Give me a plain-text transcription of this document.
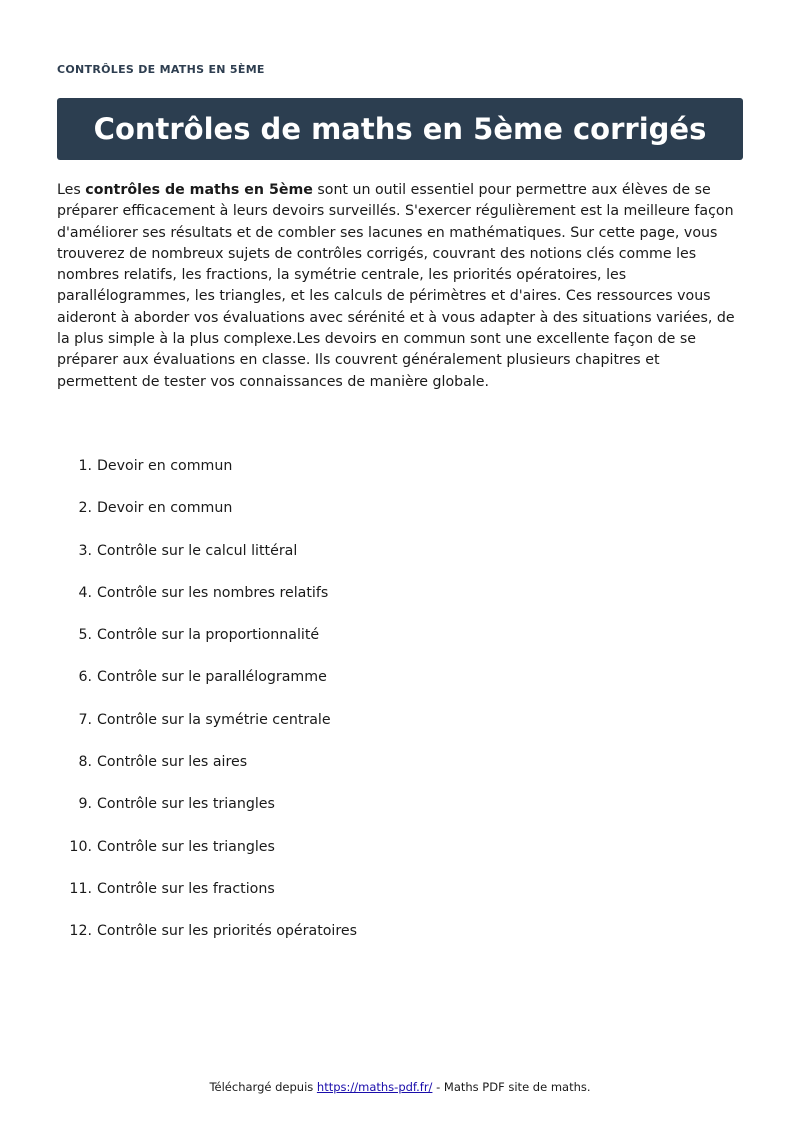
CONTRÔLES DE MATHS EN 5ÈME
Contrôles de maths en 5ème corrigés

Les contrôles de maths en 5ème sont un outil essentiel pour permettre aux élèves de se préparer efficacement à leurs devoirs surveillés. S'exercer régulièrement est la meilleure façon d'améliorer ses résultats et de combler ses lacunes en mathématiques. Sur cette page, vous trouverez de nombreux sujets de contrôles corrigés, couvrant des notions clés comme les nombres relatifs, les fractions, la symétrie centrale, les priorités opératoires, les parallélogrammes, les triangles, et les calculs de périmètres et d'aires. Ces ressources vous aideront à aborder vos évaluations avec sérénité et à vous adapter à des situations variées, de la plus simple à la plus complexe.Les devoirs en commun sont une excellente façon de se préparer aux évaluations en classe. Ils couvrent généralement plusieurs chapitres et permettent de tester vos connaissances de manière globale.

1. Devoir en commun
2. Devoir en commun
3. Contrôle sur le calcul littéral
4. Contrôle sur les nombres relatifs
5. Contrôle sur la proportionnalité
6. Contrôle sur le parallélogramme
7. Contrôle sur la symétrie centrale
8. Contrôle sur les aires
9. Contrôle sur les triangles
10. Contrôle sur les triangles
11. Contrôle sur les fractions
12. Contrôle sur les priorités opératoires
Téléchargé depuis https://maths-pdf.fr/ - Maths PDF site de maths.
